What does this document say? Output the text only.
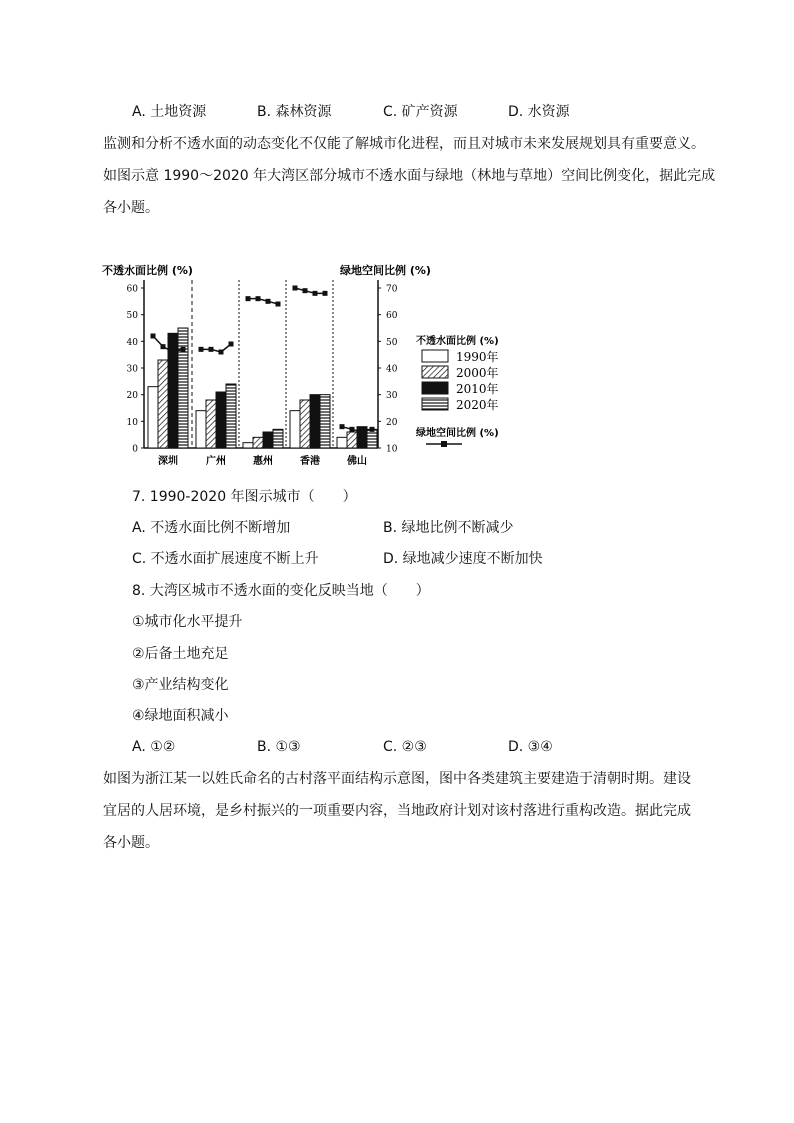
A. 土地资源	B. 森林资源	C. 矿产资源	D. 水资源
监测和分析不透水面的动态变化不仅能了解城市化进程，而且对城市未来发展规划具有重要意义。
如图示意 1990～2020 年大湾区部分城市不透水面与绿地（林地与草地）空间比例变化，据此完成
各小题。
不透水面比例 (%)	绿地空间比例 (%)
0
10
20
30
40
50
60
10
20
30
40
50
60
70
深圳	广州	惠州	香港	佛山
不透水面比例 (%)
1990年
2000年
2010年
2020年
绿地空间比例 (%)
7. 1990-2020 年图示城市（　　）
A. 不透水面比例不断增加	B. 绿地比例不断减少
C. 不透水面扩展速度不断上升	D. 绿地减少速度不断加快
8. 大湾区城市不透水面的变化反映当地（　　）
①城市化水平提升
②后备土地充足
③产业结构变化
④绿地面积减小
A. ①②	B. ①③	C. ②③	D. ③④
如图为浙江某一以姓氏命名的古村落平面结构示意图，图中各类建筑主要建造于清朝时期。建设
宜居的人居环境，是乡村振兴的一项重要内容，当地政府计划对该村落进行重构改造。据此完成
各小题。
